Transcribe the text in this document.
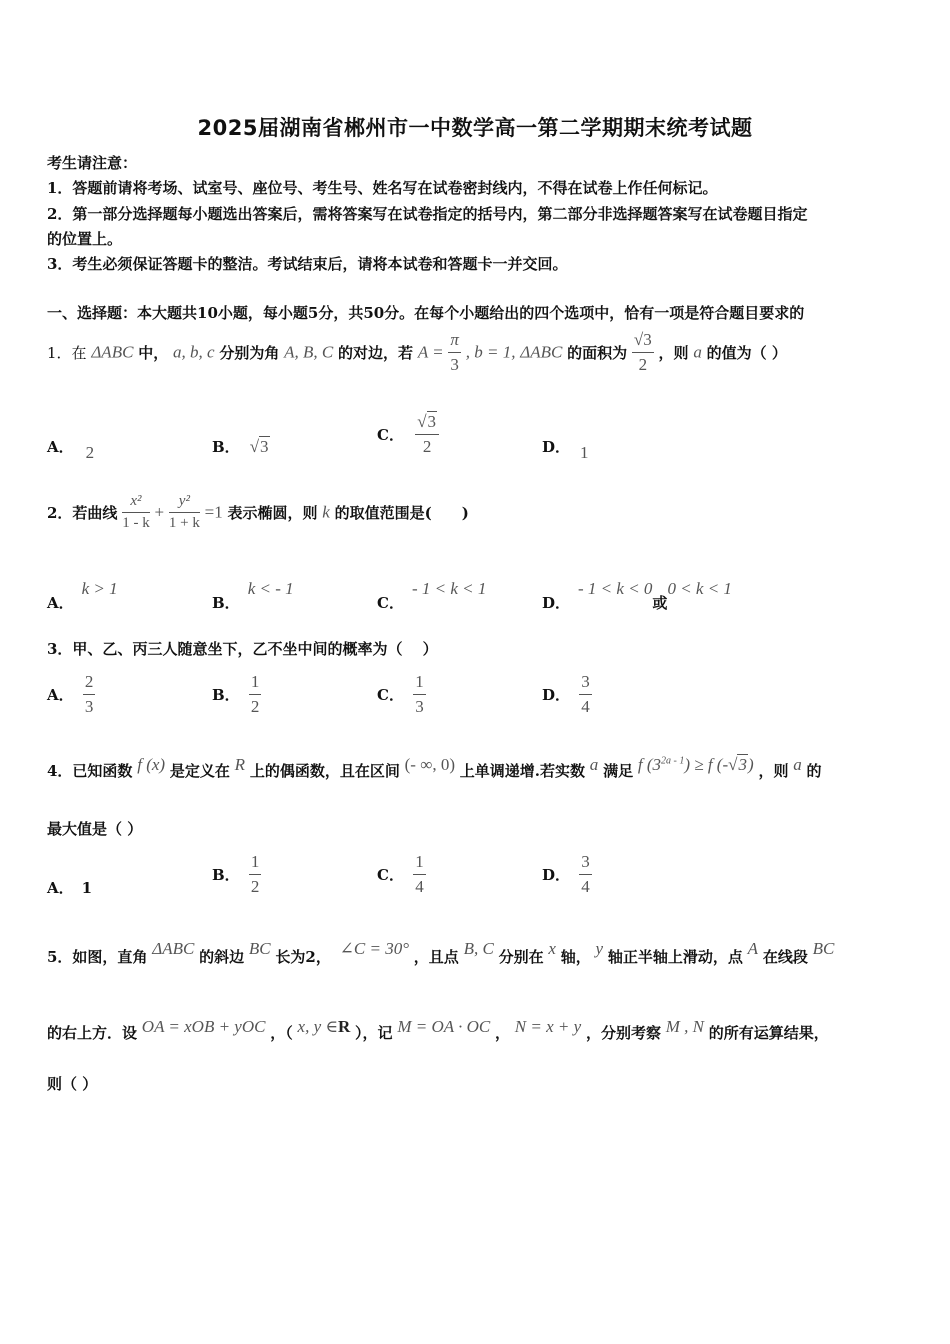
2025届湖南省郴州市一中数学高一第二学期期末统考试题
考生请注意：
1．答题前请将考场、试室号、座位号、考生号、姓名写在试卷密封线内，不得在试卷上作任何标记。
2．第一部分选择题每小题选出答案后，需将答案写在试卷指定的括号内，第二部分非选择题答案写在试卷题目指定
的位置上。
3．考生必须保证答题卡的整洁。考试结束后，请将本试卷和答题卡一并交回。
一、选择题：本大题共10小题，每小题5分，共50分。在每个小题给出的四个选项中，恰有一项是符合题目要求的
1．在 ΔABC 中， a, b, c 分别为角 A, B, C 的对边，若 $A = \frac{\pi}{3}$ , b = 1, ΔABC 的面积为 $\frac{√3}{2}$ ，则 a 的值为（ ）
A． 2	B． √3
C． $\frac{√3}{2}$	D． 1
2．若曲线 $\frac{\text{x²}}{1 - k} + \frac{\text{y²}}{1 + k} =1$ 表示椭圆，则 k 的取值范围是(　　)
A．k > 1
B．k < - 1
C．- 1 < k < 1
D．- 1 < k < 0或0 < k < 1
3．甲、乙、丙三人随意坐下，乙不坐中间的概率为（　 ）
A． $\frac{2}{3}$	B． $\frac{1}{2}$	C． $\frac{1}{3}$	D． $\frac{3}{4}$
4．已知函数 f (x) 是定义在 R 上的偶函数，且在区间 (- ∞, 0) 上单调递增.若实数 a 满足 f $(3^{2a - 1}) \ge f$ (-√3) ，则 a 的
最大值是（ ）
A． 1
B． $\frac{1}{2}$	C． $\frac{1}{4}$	D． $\frac{3}{4}$
5．如图，直角 ΔABC 的斜边 BC 长为2， ∠C = 30° ，且点 B, C 分别在 x 轴， y 轴正半轴上滑动，点 A 在线段 BC
的右上方．设 OA = xOB + yOC ，（ x, y ∈R ），记 M = OA · OC ， N = x + y ，分别考察 M , N 的所有运算结果，
则（ ）
